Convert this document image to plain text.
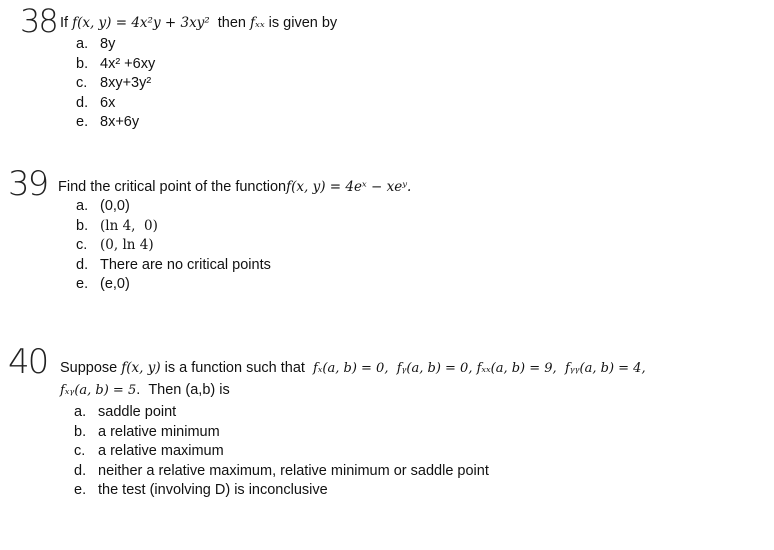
38 If f(x, y) = 4x²y + 3xy²  then fₓₓ is given by
a. 8y
b. 4x² +6xy
c. 8xy+3y²
d. 6x
e. 8x+6y
39 Find the critical point of the functionf(x, y) = 4eˣ − xeʸ.
a. (0,0)
b. (ln 4,  0)
c. (0, ln 4)
d. There are no critical points
e. (e,0)
40 Suppose f(x, y) is a function such that  fₓ(a, b) = 0,  fᵧ(a, b) = 0, fₓₓ(a, b) = 9,  fᵧᵧ(a, b) = 4,
fₓᵧ(a, b) = 5.  Then (a,b) is
a. saddle point
b. a relative minimum
c. a relative maximum
d. neither a relative maximum, relative minimum or saddle point
e. the test (involving D) is inconclusive
